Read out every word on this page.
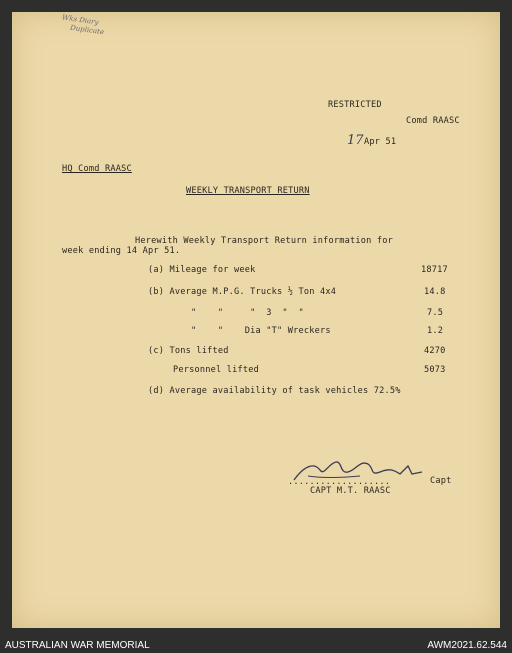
Wks Diary
Duplicate
RESTRICTED
Comd RAASC
17 Apr 51
HQ Comd RAASC
WEEKLY TRANSPORT RETURN
Herewith Weekly Transport Return information for
week ending 14 Apr 51.
(a) Mileage for week	18717
(b) Average M.P.G. Trucks ½ Ton 4x4	14.8
"    "     "  3  "  "	7.5
"    "    Dia "T" Wreckers	1.2
(c) Tons lifted	4270
Personnel lifted	5073
(d) Average availability of task vehicles 72.5%
...................	Capt
CAPT M.T. RAASC
AUSTRALIAN WAR MEMORIAL	AWM2021.62.544
